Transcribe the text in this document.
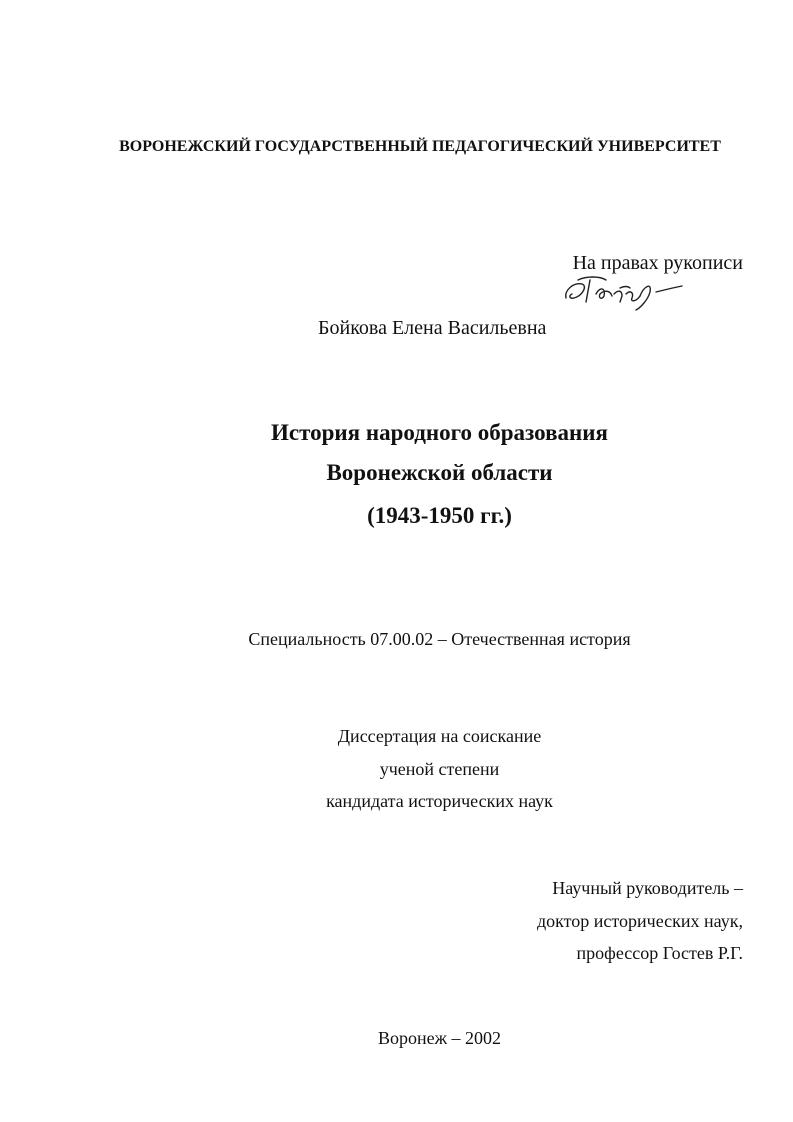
ВОРОНЕЖСКИЙ ГОСУДАРСТВЕННЫЙ ПЕДАГОГИЧЕСКИЙ УНИВЕРСИТЕТ
На правах рукописи
Бойкова Елена Васильевна
История народного образования
Воронежской области
(1943-1950 гг.)
Специальность 07.00.02 – Отечественная история
Диссертация на соискание
ученой степени
кандидата исторических наук
Научный руководитель –
доктор исторических наук,
профессор Гостев Р.Г.
Воронеж – 2002
